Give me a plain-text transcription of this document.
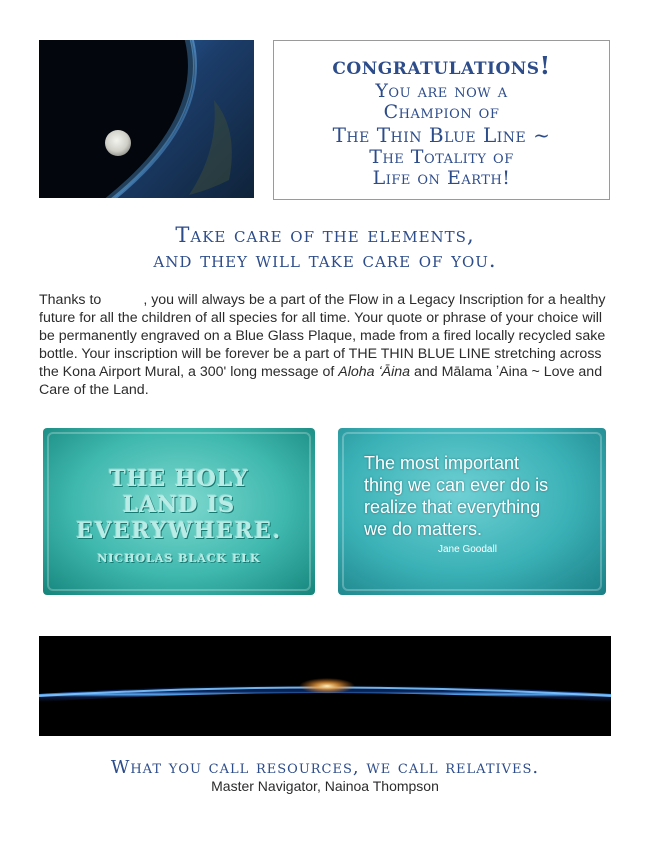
congratulations!
You are now a
Champion of
The Thin Blue Line ~
The Totality of
Life on Earth!
Take care of the elements,
and they will take care of you.
Thanks to	, you will always be a part of the Flow in a Legacy Inscription for a healthy future for all the children of all species for all time. Your quote or phrase of your choice will be permanently engraved on a Blue Glass Plaque, made from a fired locally recycled sake bottle. Your inscription will be forever be a part of THE THIN BLUE LINE stretching across the Kona Airport Mural, a 300' long message of Aloha ʻĀina and Mālama ʼAina ~ Love and Care of the Land.
THE HOLY
LAND IS
EVERYWHERE.
NICHOLAS BLACK ELK
The most important
thing we can ever do is
realize that everything
we do matters.
Jane Goodall
What you call resources, we call relatives.
Master Navigator, Nainoa Thompson
